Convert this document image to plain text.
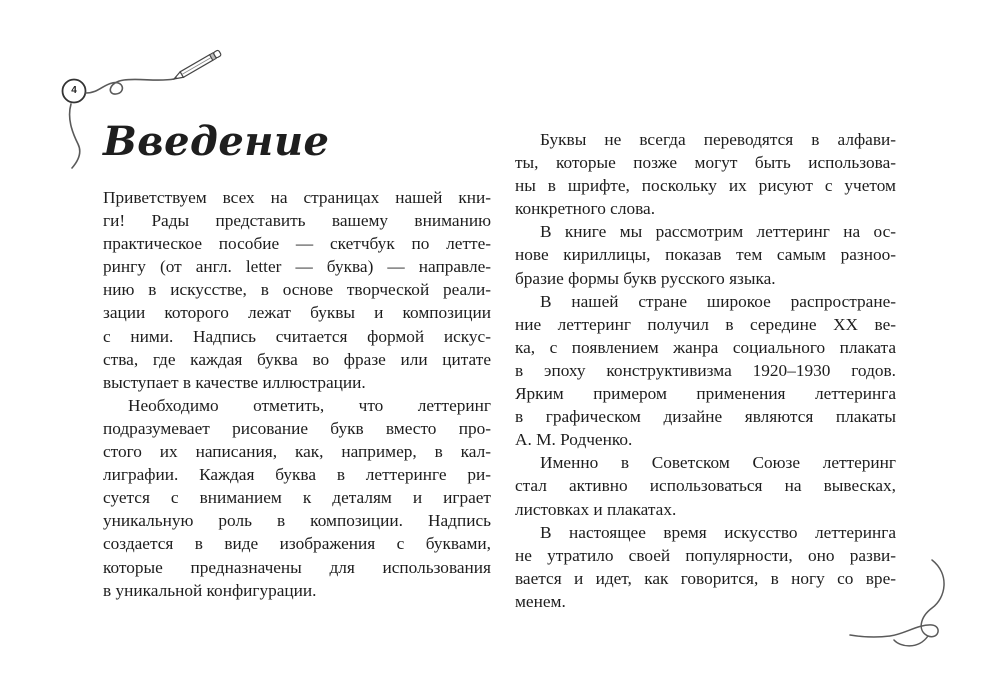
4
Введение
Приветствуем всех на страницах нашей кни-
ги! Рады представить вашему вниманию
практическое пособие — скетчбук по летте-
рингу (от англ. letter — буква) — направле-
нию в искусстве, в основе творческой реали-
зации которого лежат буквы и композиции
с ними. Надпись считается формой искус-
ства, где каждая буква во фразе или цитате
выступает в качестве иллюстрации.
Необходимо отметить, что леттеринг
подразумевает рисование букв вместо про-
стого их написания, как, например, в кал-
лиграфии. Каждая буква в леттеринге ри-
суется с вниманием к деталям и играет
уникальную роль в композиции. Надпись
создается в виде изображения с буквами,
которые предназначены для использования
в уникальной конфигурации.
Буквы не всегда переводятся в алфави-
ты, которые позже могут быть использова-
ны в шрифте, поскольку их рисуют с учетом
конкретного слова.
В книге мы рассмотрим леттеринг на ос-
нове кириллицы, показав тем самым разноо-
бразие формы букв русского языка.
В нашей стране широкое распростране-
ние леттеринг получил в середине XX ве-
ка, с появлением жанра социального плаката
в эпоху конструктивизма 1920–1930 годов.
Ярким примером применения леттеринга
в графическом дизайне являются плакаты
А. М. Родченко.
Именно в Советском Союзе леттеринг
стал активно использоваться на вывесках,
листовках и плакатах.
В настоящее время искусство леттеринга
не утратило своей популярности, оно разви-
вается и идет, как говорится, в ногу со вре-
менем.
